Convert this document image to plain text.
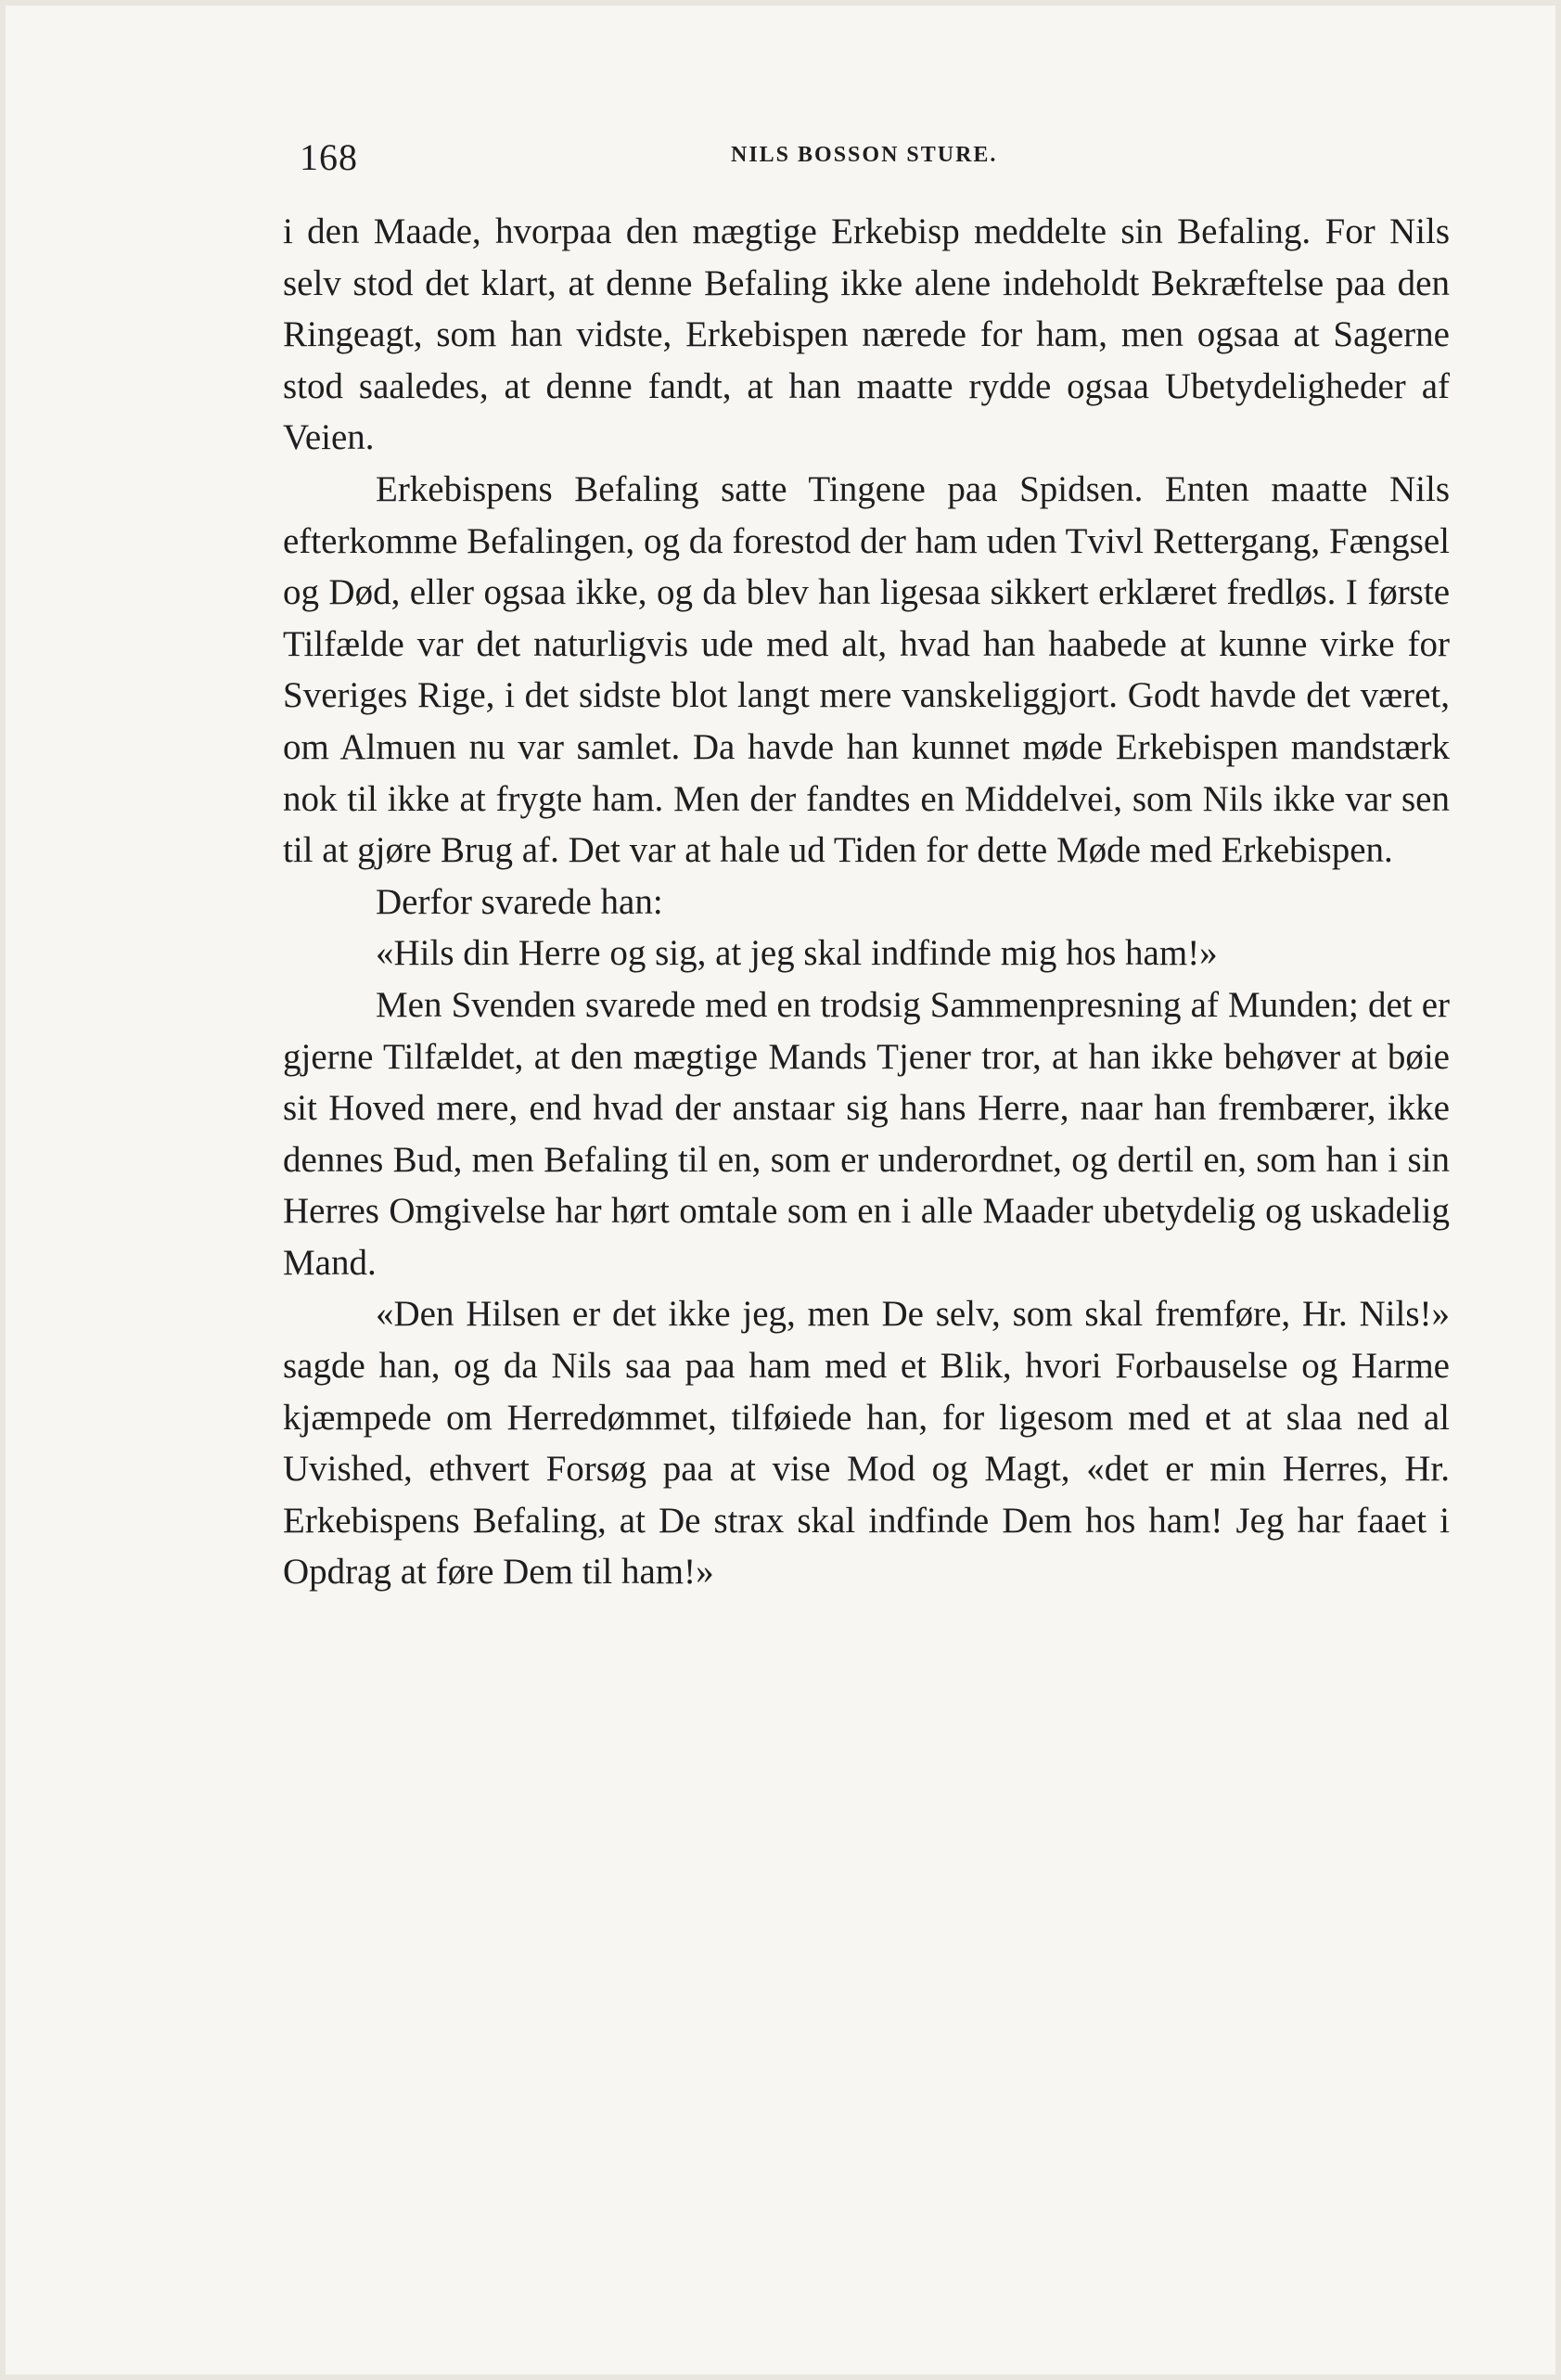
168	NILS BOSSON STURE.

i den Maade, hvorpaa den mægtige Erkebisp meddelte sin Befaling. For Nils selv stod det klart, at denne Befaling ikke alene indeholdt Bekræftelse paa den Ringeagt, som han vidste, Erkebispen nærede for ham, men ogsaa at Sagerne stod saaledes, at denne fandt, at han maatte rydde ogsaa Ubetydeligheder af Veien.

Erkebispens Befaling satte Tingene paa Spidsen. Enten maatte Nils efterkomme Befalingen, og da forestod der ham uden Tvivl Rettergang, Fængsel og Død, eller ogsaa ikke, og da blev han ligesaa sikkert erklæret fredløs. I første Tilfælde var det naturligvis ude med alt, hvad han haabede at kunne virke for Sveriges Rige, i det sidste blot langt mere vanskeliggjort. Godt havde det været, om Almuen nu var samlet. Da havde han kunnet møde Erkebispen mandstærk nok til ikke at frygte ham. Men der fandtes en Middelvei, som Nils ikke var sen til at gjøre Brug af. Det var at hale ud Tiden for dette Møde med Erkebispen.

Derfor svarede han:

«Hils din Herre og sig, at jeg skal indfinde mig hos ham!»

Men Svenden svarede med en trodsig Sammenpresning af Munden; det er gjerne Tilfældet, at den mægtige Mands Tjener tror, at han ikke behøver at bøie sit Hoved mere, end hvad der anstaar sig hans Herre, naar han frembærer, ikke dennes Bud, men Befaling til en, som er underordnet, og dertil en, som han i sin Herres Omgivelse har hørt omtale som en i alle Maader ubetydelig og uskadelig Mand.

«Den Hilsen er det ikke jeg, men De selv, som skal fremføre, Hr. Nils!» sagde han, og da Nils saa paa ham med et Blik, hvori Forbauselse og Harme kjæmpede om Herredømmet, tilføiede han, for ligesom med et at slaa ned al Uvished, ethvert Forsøg paa at vise Mod og Magt, «det er min Herres, Hr. Erkebispens Befaling, at De strax skal indfinde Dem hos ham! Jeg har faaet i Opdrag at føre Dem til ham!»
